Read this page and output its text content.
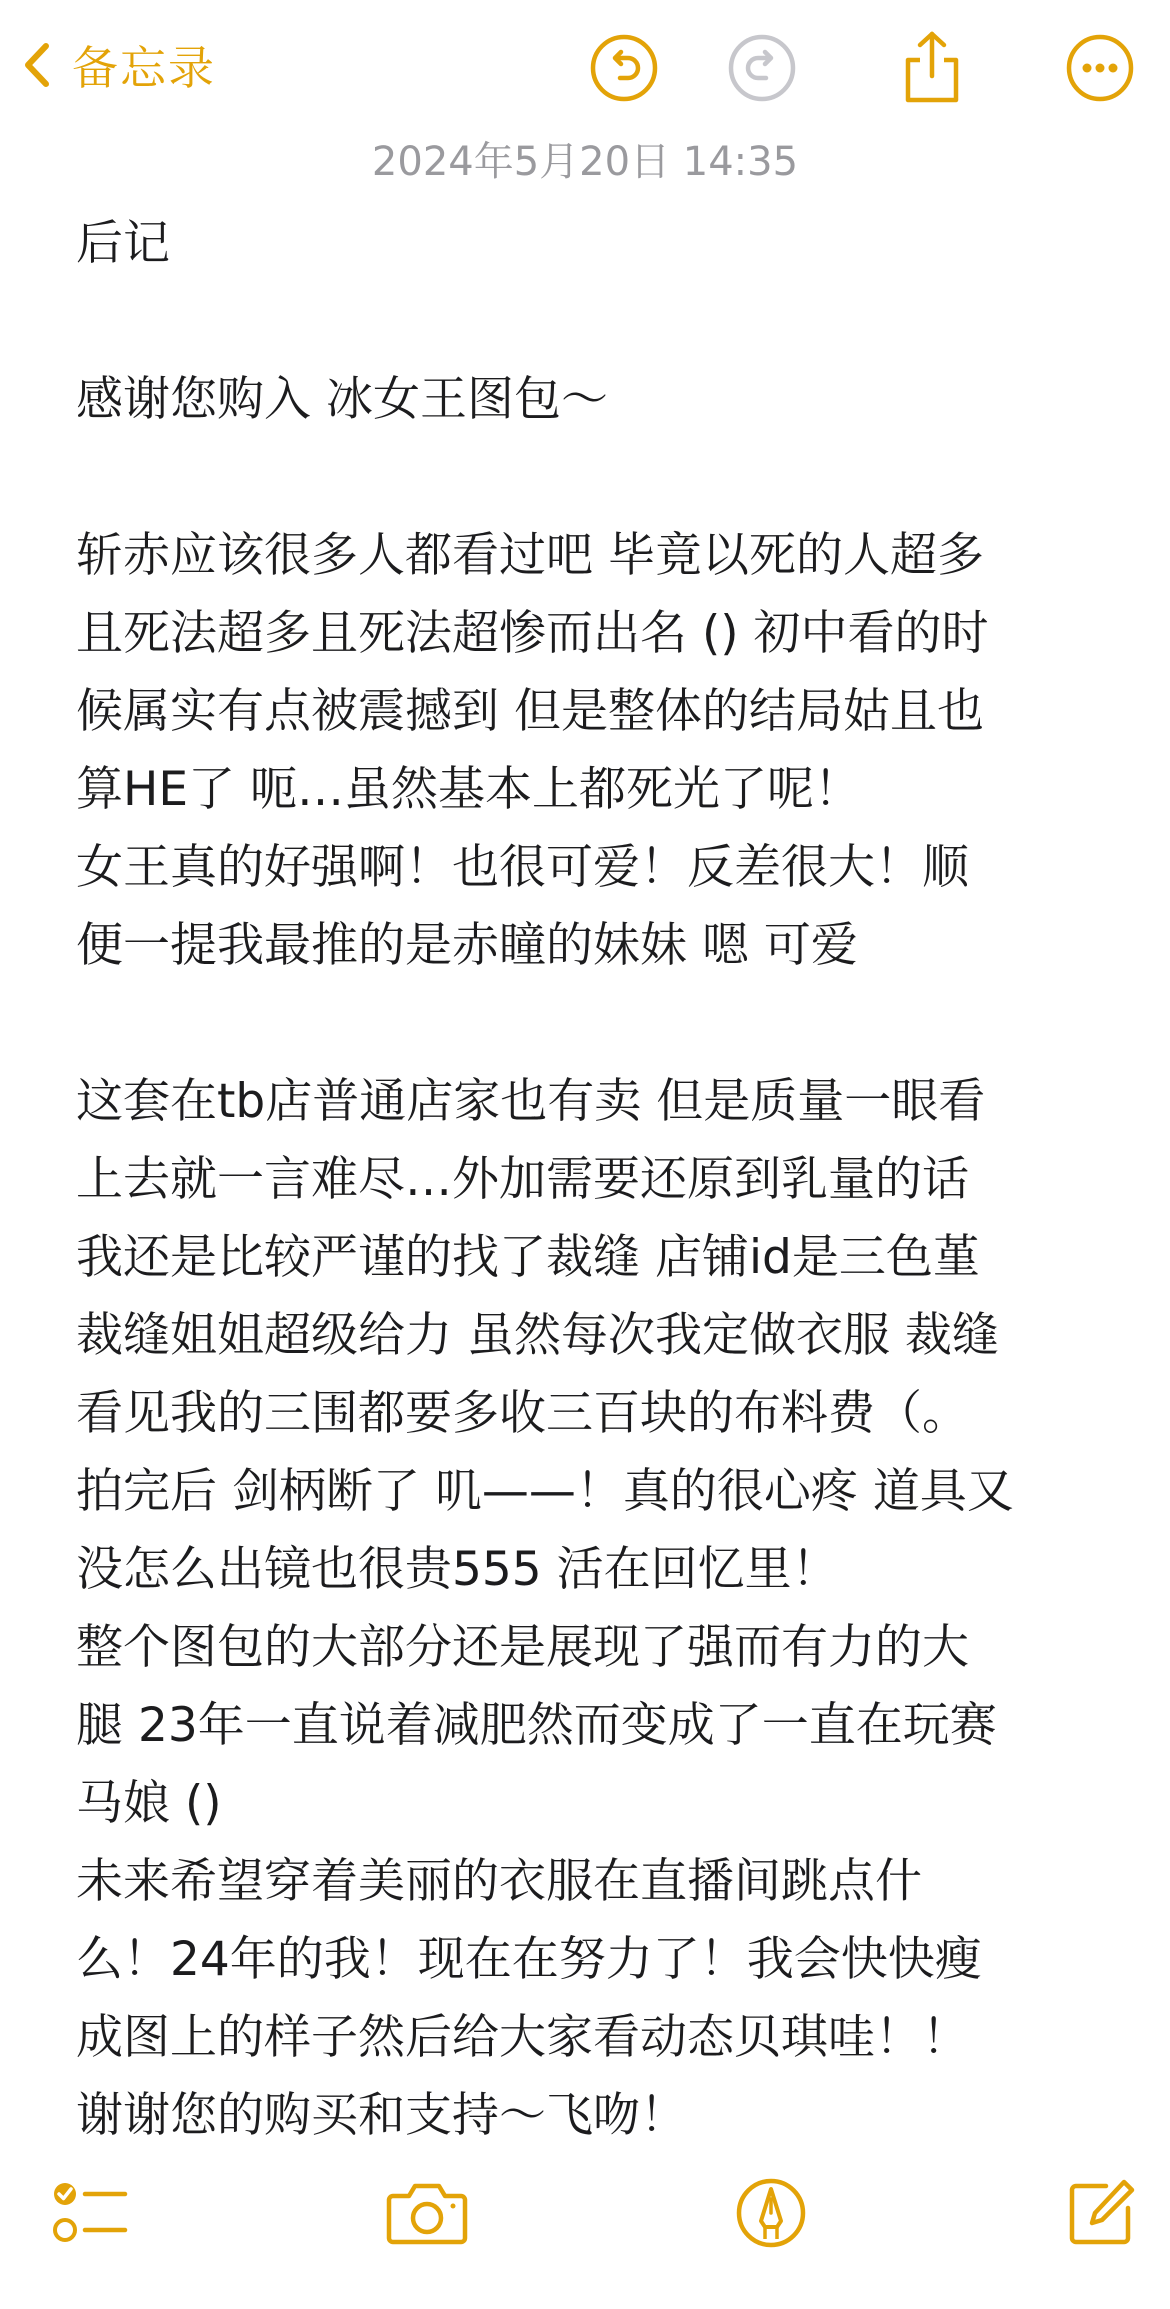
备忘录
2024年5月20日 14:35
后记
感谢您购入 冰女王图包～
斩赤应该很多人都看过吧 毕竟以死的人超多
且死法超多且死法超惨而出名 () 初中看的时
候属实有点被震撼到 但是整体的结局姑且也
算HE了 呃…虽然基本上都死光了呢！
女王真的好强啊！也很可爱！反差很大！顺
便一提我最推的是赤瞳的妹妹 嗯 可爱
这套在tb店普通店家也有卖 但是质量一眼看
上去就一言难尽…外加需要还原到乳量的话
我还是比较严谨的找了裁缝 店铺id是三色堇
裁缝姐姐超级给力 虽然每次我定做衣服 裁缝
看见我的三围都要多收三百块的布料费（。
拍完后 剑柄断了 叽——！真的很心疼 道具又
没怎么出镜也很贵555 活在回忆里！
整个图包的大部分还是展现了强而有力的大
腿 23年一直说着减肥然而变成了一直在玩赛
马娘 ()
未来希望穿着美丽的衣服在直播间跳点什
么！24年的我！现在在努力了！我会快快瘦
成图上的样子然后给大家看动态贝琪哇！！
谢谢您的购买和支持～飞吻！
